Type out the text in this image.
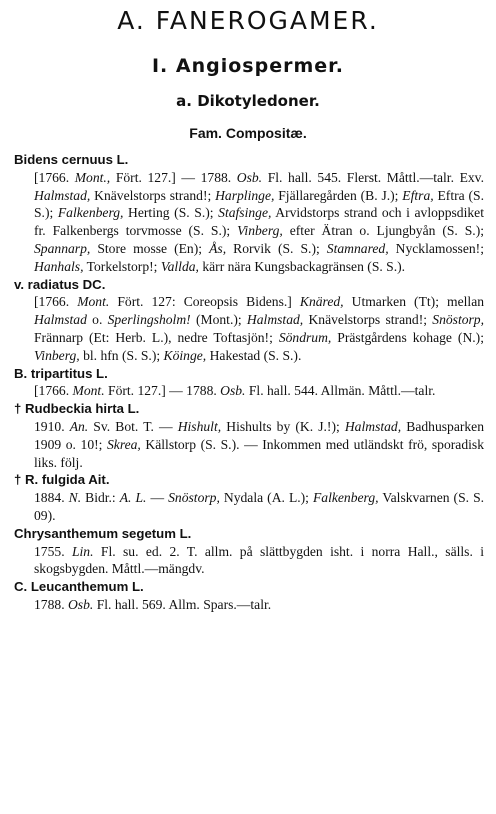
A. FANEROGAMER.
I. Angiospermer.
a. Dikotyledoner.
Fam. Compositæ.
Bidens cernuus L.
[1766. Mont., Fört. 127.] — 1788. Osb. Fl. hall. 545. Flerst. Måttl.—talr. Exv. Halmstad, Knävelstorps strand!; Harplinge, Fjällaregården (B. J.); Eftra, Eftra (S. S.); Falkenberg, Herting (S. S.); Stafsinge, Arvidstorps strand och i avloppsdiket fr. Falkenbergs torvmosse (S. S.); Vinberg, efter Ätran o. Ljungbyån (S. S.); Spannarp, Store mosse (En); Ås, Rorvik (S. S.); Stamnared, Nycklamossen!; Hanhals, Torkelstorp!; Vallda, kärr nära Kungsbackagränsen (S. S.).
v. radiatus DC.
[1766. Mont. Fört. 127: Coreopsis Bidens.] Knäred, Utmarken (Tt); mellan Halmstad o. Sperlingsholm! (Mont.); Halmstad, Knävelstorps strand!; Snöstorp, Frännarp (Et: Herb. L.), nedre Toftasjön!; Söndrum, Prästgårdens kohage (N.); Vinberg, bl. hfn (S. S.); Köinge, Hakestad (S. S.).
B. tripartitus L.
[1766. Mont. Fört. 127.] — 1788. Osb. Fl. hall. 544. Allmän. Måttl.—talr.
† Rudbeckia hirta L.
1910. An. Sv. Bot. T. — Hishult, Hishults by (K. J.!); Halmstad, Badhusparken 1909 o. 10!; Skrea, Källstorp (S. S.). — Inkommen med utländskt frö, sporadisk liks. följ.
† R. fulgida Ait.
1884. N. Bidr.: A. L. — Snöstorp, Nydala (A. L.); Falkenberg, Valskvarnen (S. S. 09).
Chrysanthemum segetum L.
1755. Lin. Fl. su. ed. 2. T. allm. på slättbygden isht. i norra Hall., sälls. i skogsbygden. Måttl.—mängdv.
C. Leucanthemum L.
1788. Osb. Fl. hall. 569. Allm. Spars.—talr.
